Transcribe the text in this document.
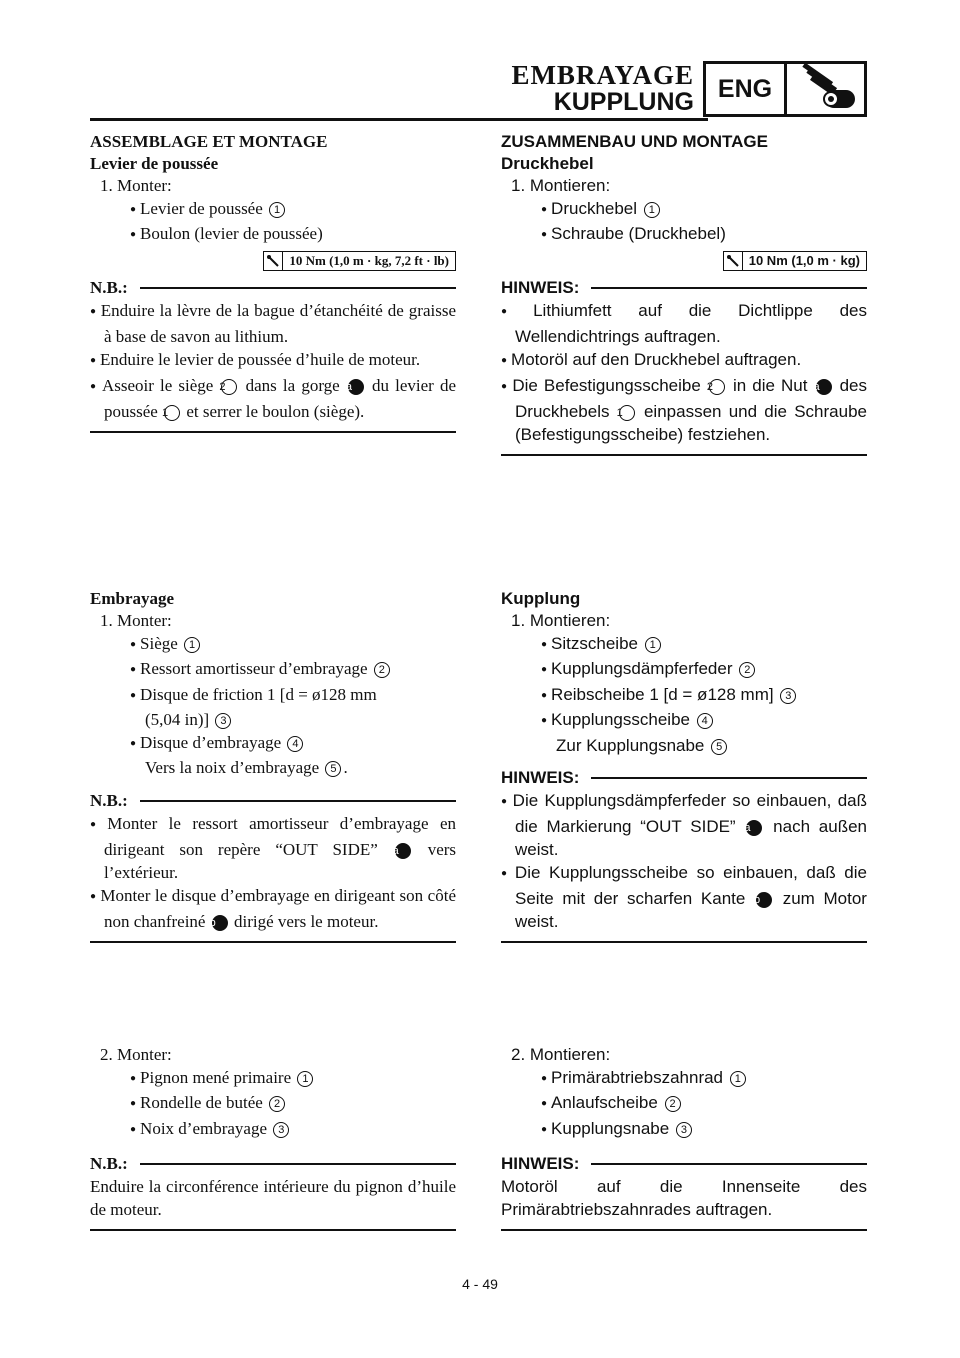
EMBRAYAGE
KUPPLUNG ENG
ASSEMBLAGE ET MONTAGE
Levier de poussée
1. Monter:
● Levier de poussée 1
● Boulon (levier de poussée)
10 Nm (1,0 m · kg, 7,2 ft · lb)
N.B.:
● Enduire la lèvre de la bague d’étanchéité de graisse à base de savon au lithium.
● Enduire le levier de poussée d’huile de moteur.
● Asseoir le siège 2 dans la gorge a du levier de poussée 1 et serrer le boulon (siège).
Embrayage
1. Monter:
● Siège 1
● Ressort amortisseur d’embrayage 2
● Disque de friction 1 [d = ø128 mm
(5,04 in)] 3
● Disque d’embrayage 4
Vers la noix d’embrayage 5 .
N.B.:
● Monter le ressort amortisseur d’embrayage en dirigeant son repère “OUT SIDE” a vers l’extérieur.
● Monter le disque d’embrayage en dirigeant son côté non chanfreiné b dirigé vers le moteur.
2. Monter:
● Pignon mené primaire 1
● Rondelle de butée 2
● Noix d’embrayage 3
N.B.:
Enduire la circonférence intérieure du pignon d’huile de moteur.
ZUSAMMENBAU UND MONTAGE
Druckhebel
1. Montieren:
● Druckhebel 1
● Schraube (Druckhebel)
10 Nm (1,0 m · kg)
HINWEIS:
● Lithiumfett auf die Dichtlippe des Wellendichtrings auftragen.
● Motoröl auf den Druckhebel auftragen.
● Die Befestigungsscheibe 2 in die Nut a des Druckhebels 1 einpassen und die Schraube (Befestigungsscheibe) festziehen.
Kupplung
1. Montieren:
● Sitzscheibe 1
● Kupplungsdämpferfeder 2
● Reibscheibe 1 [d = ø128 mm] 3
● Kupplungsscheibe 4
Zur Kupplungsnabe 5
HINWEIS:
● Die Kupplungsdämpferfeder so einbauen, daß die Markierung “OUT SIDE” a nach außen weist.
● Die Kupplungsscheibe so einbauen, daß die Seite mit der scharfen Kante b zum Motor weist.
2. Montieren:
● Primärabtriebszahnrad 1
● Anlaufscheibe 2
● Kupplungsnabe 3
HINWEIS:
Motoröl auf die Innenseite des Primärabtriebszahnrades auftragen.
4 - 49
